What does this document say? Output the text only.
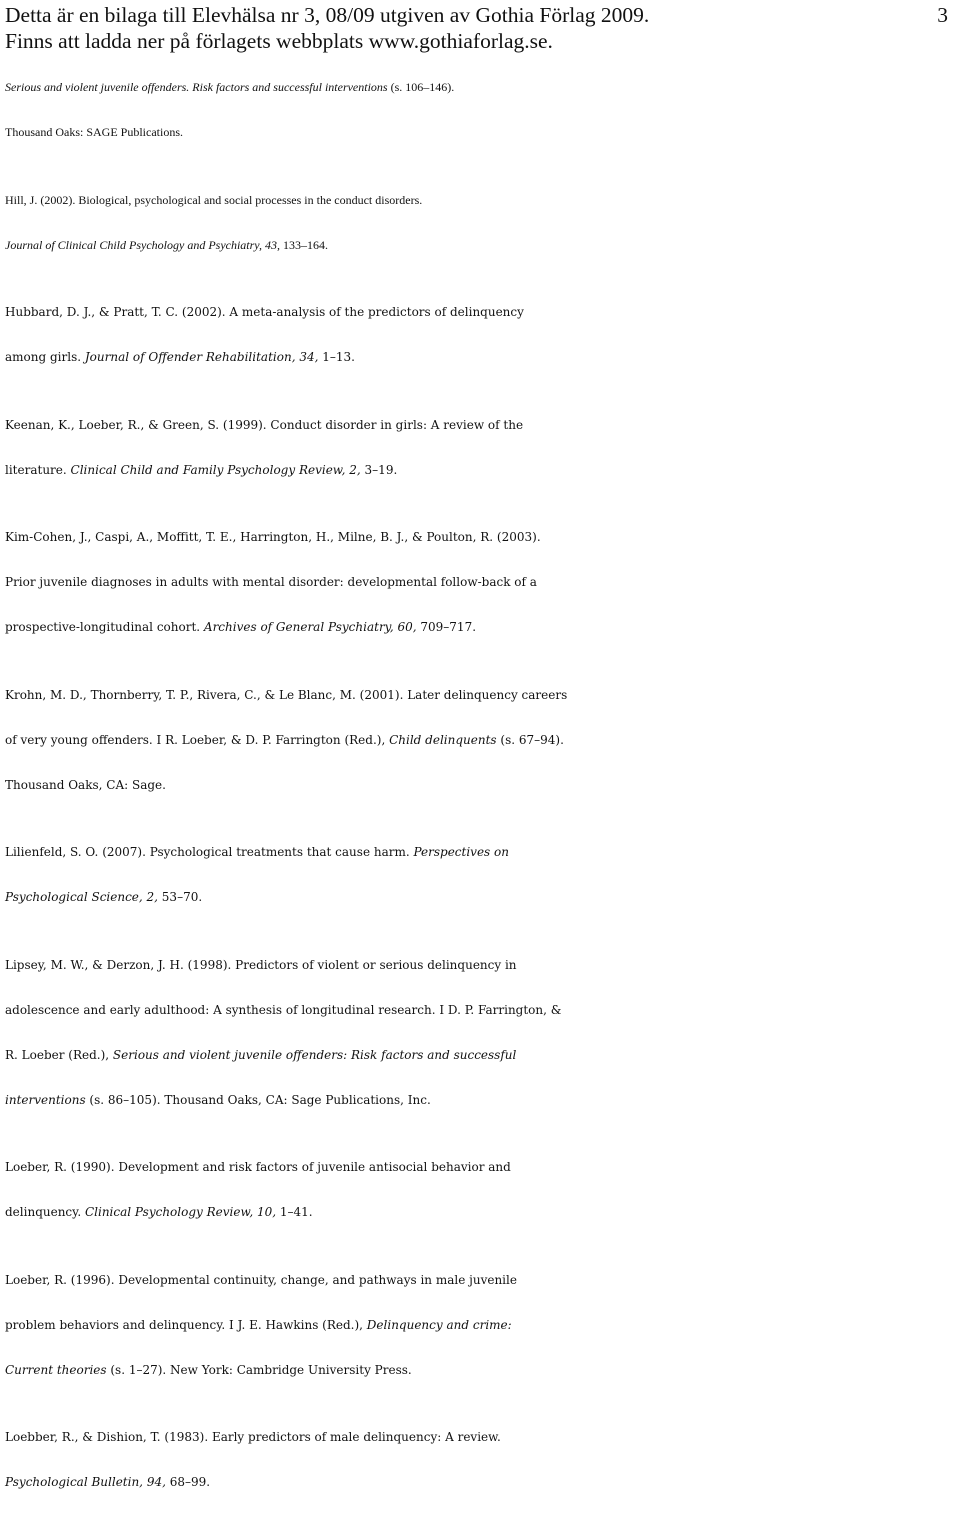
Detta är en bilaga till Elevhälsa nr 3, 08/09 utgiven av Gothia Förlag 2009.
Finns att ladda ner på förlagets webbplats www.gothiaforlag.se.
3
Serious and violent juvenile offenders. Risk factors and successful interventions (s. 106–146).
Thousand Oaks: SAGE Publications.
Hill, J. (2002). Biological, psychological and social processes in the conduct disorders.
Journal of Clinical Child Psychology and Psychiatry, 43, 133–164.
Hubbard, D. J., & Pratt, T. C. (2002). A meta-analysis of the predictors of delinquency
among girls. Journal of Offender Rehabilitation, 34, 1–13.
Keenan, K., Loeber, R., & Green, S. (1999). Conduct disorder in girls: A review of the
literature. Clinical Child and Family Psychology Review, 2, 3–19.
Kim-Cohen, J., Caspi, A., Moffitt, T. E., Harrington, H., Milne, B. J., & Poulton, R. (2003).
Prior juvenile diagnoses in adults with mental disorder: developmental follow-back of a
prospective-longitudinal cohort. Archives of General Psychiatry, 60, 709–717.
Krohn, M. D., Thornberry, T. P., Rivera, C., & Le Blanc, M. (2001). Later delinquency careers
of very young offenders. I R. Loeber, & D. P. Farrington (Red.), Child delinquents (s. 67–94).
Thousand Oaks, CA: Sage.
Lilienfeld, S. O. (2007). Psychological treatments that cause harm. Perspectives on
Psychological Science, 2, 53–70.
Lipsey, M. W., & Derzon, J. H. (1998). Predictors of violent or serious delinquency in
adolescence and early adulthood: A synthesis of longitudinal research. I D. P. Farrington, &
R. Loeber (Red.), Serious and violent juvenile offenders: Risk factors and successful
interventions (s. 86–105). Thousand Oaks, CA: Sage Publications, Inc.
Loeber, R. (1990). Development and risk factors of juvenile antisocial behavior and
delinquency. Clinical Psychology Review, 10, 1–41.
Loeber, R. (1996). Developmental continuity, change, and pathways in male juvenile
problem behaviors and delinquency. I J. E. Hawkins (Red.), Delinquency and crime:
Current theories (s. 1–27). New York: Cambridge University Press.
Loebber, R., & Dishion, T. (1983). Early predictors of male delinquency: A review.
Psychological Bulletin, 94, 68–99.
